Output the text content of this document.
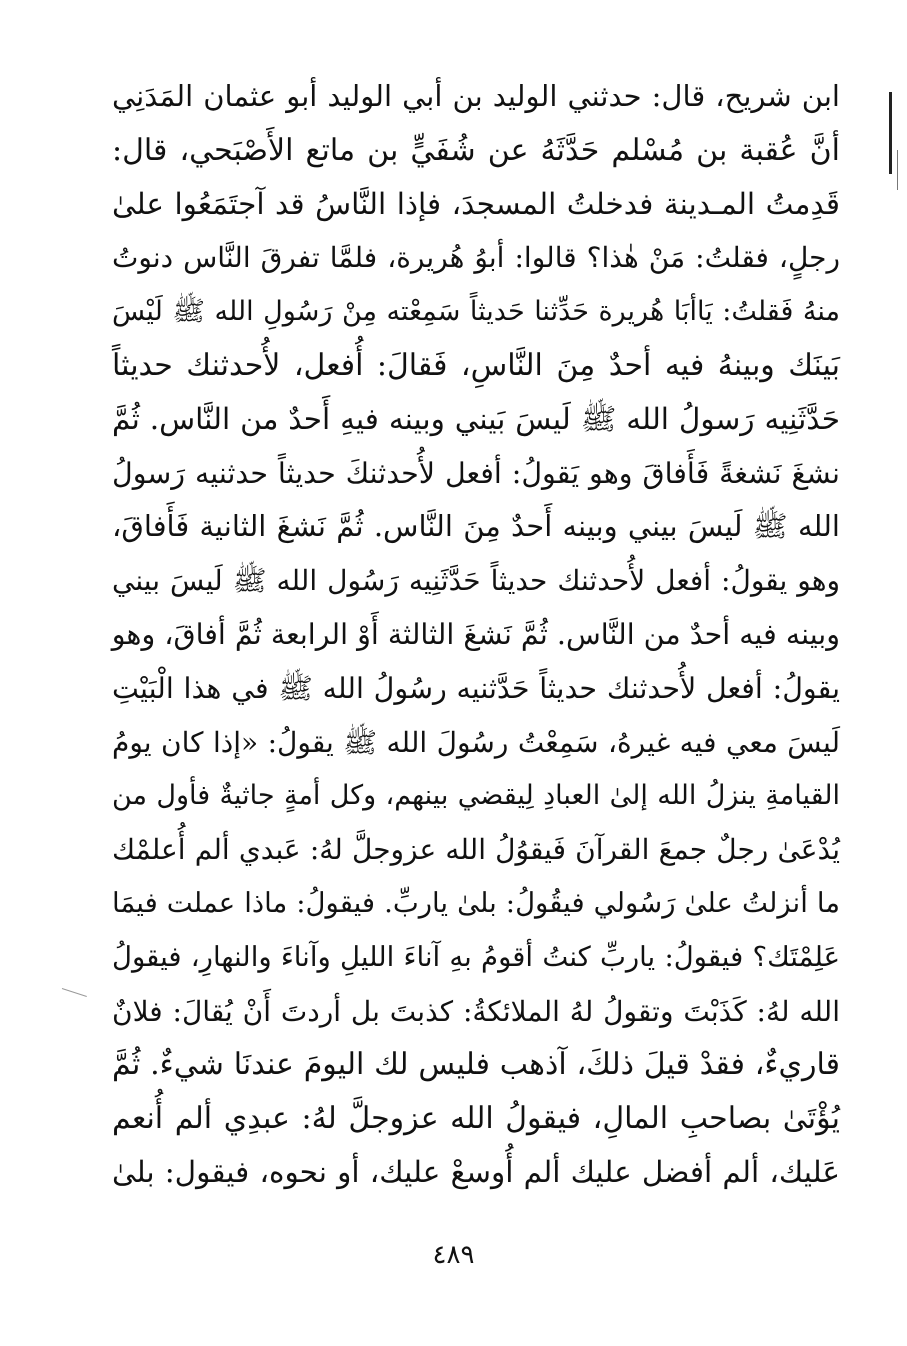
ابن شريح، قال: حدثني الوليد بن أبي الوليد أبو عثمان المَدَنِي
أنَّ عُقبة بن مُسْلم حَدَّثَهُ عن شُفَيٍّ بن ماتع الأَصْبَحي، قال:
قَدِمتُ المـدينة فدخلتُ المسجدَ، فإذا النَّاسُ قد آجتَمَعُوا علىٰ
رجلٍ، فقلتُ: مَنْ هٰذا؟ قالوا: أبوُ هُريرة، فلمَّا تفرقَ النَّاس دنوتُ
منهُ فَقلتُ: يَاأبَا هُريرة حَدِّثنا حَديثاً سَمِعْته مِنْ رَسُولِ الله ﷺ لَيْسَ
بَينَك وبينهُ فيه أحدٌ مِنَ النَّاسِ، فَقالَ: أُفعل، لأُحدثنك حديثاً
حَدَّثَنِيه رَسولُ الله ﷺ لَيسَ بَيني وبينه فيهِ أَحدٌ من النَّاس. ثُمَّ
نشغَ نَشغةً فَأَفاقَ وهو يَقولُ: أفعل لأُحدثنكَ حديثاً حدثنيه رَسولُ
الله ﷺ لَيسَ بيني وبينه أَحدٌ مِنَ النَّاس. ثُمَّ نَشغَ الثانية فَأَفاقَ،
وهو يقولُ: أفعل لأُحدثنك حديثاً حَدَّثَنِيه رَسُول الله ﷺ لَيسَ بيني
وبينه فيه أحدٌ من النَّاس. ثُمَّ نَشغَ الثالثة أَوْ الرابعة ثُمَّ أفاقَ، وهو
يقولُ: أفعل لأُحدثنك حديثاً حَدَّثنيه رسُولُ الله ﷺ في هذا الْبَيْتِ
لَيسَ معي فيه غيرهُ، سَمِعْتُ رسُولَ الله ﷺ يقولُ: «إذا كان يومُ
القيامةِ ينزلُ الله إلىٰ العبادِ لِيقضي بينهم، وكل أمةٍ جاثيةٌ فأول من
يُدْعَىٰ رجلٌ جمعَ القرآنَ فَيقوُلُ الله عزوجلَّ لهُ: عَبدي ألم أُعلمْك
ما أنزلتُ علىٰ رَسُولي فيقُولُ: بلىٰ ياربِّ. فيقولُ: ماذا عملت فيمَا
عَلِمْتَك؟ فيقولُ: ياربِّ كنتُ أقومُ بهِ آناءَ الليلِ وآناءَ والنهارِ، فيقولُ
الله لهُ: كَذَبْتَ وتقولُ لهُ الملائكةُ: كذبتَ بل أردتَ أَنْ يُقالَ: فلانٌ
قاريءٌ، فقدْ قيلَ ذلكَ، آذهب فليس لك اليومَ عندنَا شيءٌ. ثُمَّ
يُؤْتَىٰ بصاحبِ المالِ، فيقولُ الله عزوجلَّ لهُ: عبدِي ألم أُنعم
عَليك، ألم أفضل عليك ألم أُوسعْ عليك، أو نحوه، فيقول: بلىٰ
٤٨٩
